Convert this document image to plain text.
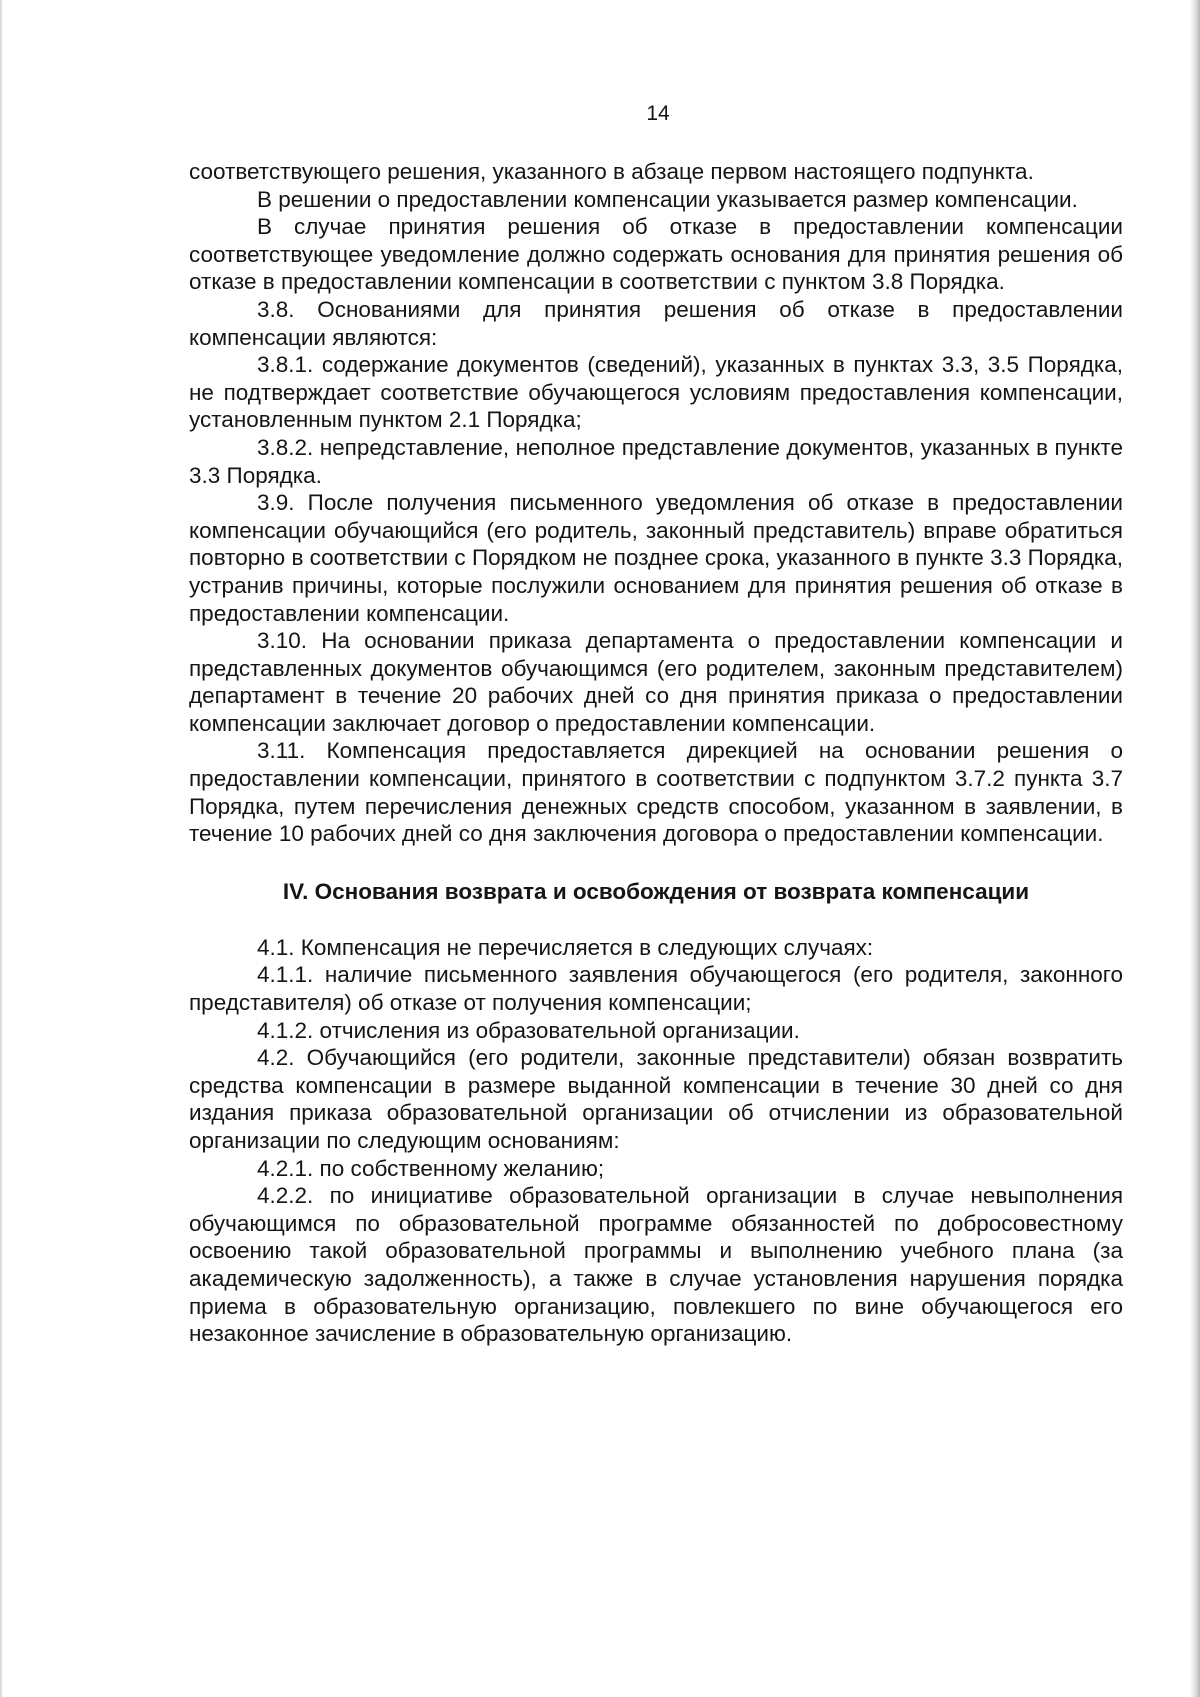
14

соответствующего решения, указанного в абзаце первом настоящего подпункта.

В решении о предоставлении компенсации указывается размер компенсации.

В случае принятия решения об отказе в предоставлении компенсации соответствующее уведомление должно содержать основания для принятия решения об отказе в предоставлении компенсации в соответствии с пунктом 3.8 Порядка.

3.8. Основаниями для принятия решения об отказе в предоставлении компенсации являются:

3.8.1. содержание документов (сведений), указанных в пунктах 3.3, 3.5 Порядка, не подтверждает соответствие обучающегося условиям предоставления компенсации, установленным пунктом 2.1 Порядка;

3.8.2. непредставление, неполное представление документов, указанных в пункте 3.3 Порядка.

3.9. После получения письменного уведомления об отказе в предоставлении компенсации обучающийся (его родитель, законный представитель) вправе обратиться повторно в соответствии с Порядком не позднее срока, указанного в пункте 3.3 Порядка, устранив причины, которые послужили основанием для принятия решения об отказе в предоставлении компенсации.

3.10. На основании приказа департамента о предоставлении компенсации и представленных документов обучающимся (его родителем, законным представителем) департамент в течение 20 рабочих дней со дня принятия приказа о предоставлении компенсации заключает договор о предоставлении компенсации.

3.11. Компенсация предоставляется дирекцией на основании решения о предоставлении компенсации, принятого в соответствии с подпунктом 3.7.2 пункта 3.7 Порядка, путем перечисления денежных средств способом, указанном в заявлении, в течение 10 рабочих дней со дня заключения договора о предоставлении компенсации.

IV. Основания возврата и освобождения от возврата компенсации

4.1. Компенсация не перечисляется в следующих случаях:

4.1.1. наличие письменного заявления обучающегося (его родителя, законного представителя) об отказе от получения компенсации;

4.1.2. отчисления из образовательной организации.

4.2. Обучающийся (его родители, законные представители) обязан возвратить средства компенсации в размере выданной компенсации в течение 30 дней со дня издания приказа образовательной организации об отчислении из образовательной организации по следующим основаниям:

4.2.1. по собственному желанию;

4.2.2. по инициативе образовательной организации в случае невыполнения обучающимся по образовательной программе обязанностей по добросовестному освоению такой образовательной программы и выполнению учебного плана (за академическую задолженность), а также в случае установления нарушения порядка приема в образовательную организацию, повлекшего по вине обучающегося его незаконное зачисление в образовательную организацию.
